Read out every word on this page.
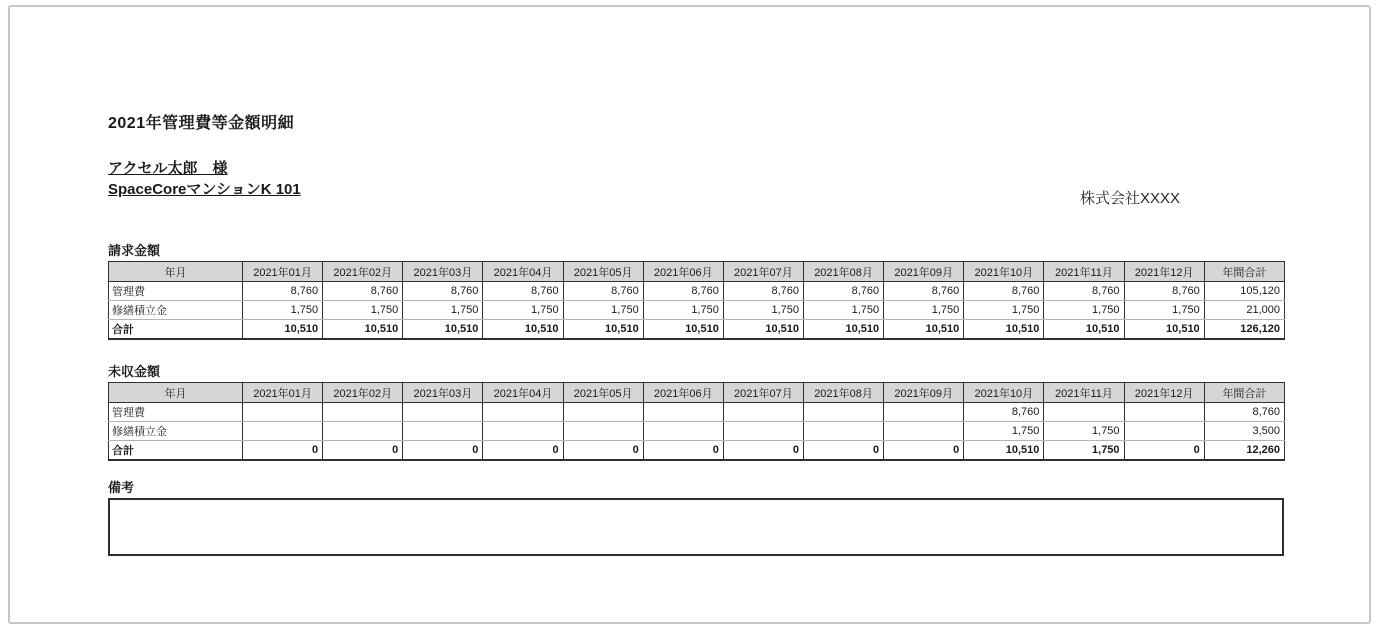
2021年管理費等金額明細
アクセル太郎　様
SpaceCoreマンションK 101
株式会社XXXX
請求金額
年月	2021年01月	2021年02月	2021年03月	2021年04月	2021年05月	2021年06月	2021年07月	2021年08月	2021年09月	2021年10月	2021年11月	2021年12月	年間合計
管理費	8,760	8,760	8,760	8,760	8,760	8,760	8,760	8,760	8,760	8,760	8,760	8,760	105,120
修繕積立金	1,750	1,750	1,750	1,750	1,750	1,750	1,750	1,750	1,750	1,750	1,750	1,750	21,000
合計	10,510	10,510	10,510	10,510	10,510	10,510	10,510	10,510	10,510	10,510	10,510	10,510	126,120
未収金額
年月	2021年01月	2021年02月	2021年03月	2021年04月	2021年05月	2021年06月	2021年07月	2021年08月	2021年09月	2021年10月	2021年11月	2021年12月	年間合計
管理費										8,760			8,760
修繕積立金										1,750	1,750		3,500
合計	0	0	0	0	0	0	0	0	0	10,510	1,750	0	12,260
備考
